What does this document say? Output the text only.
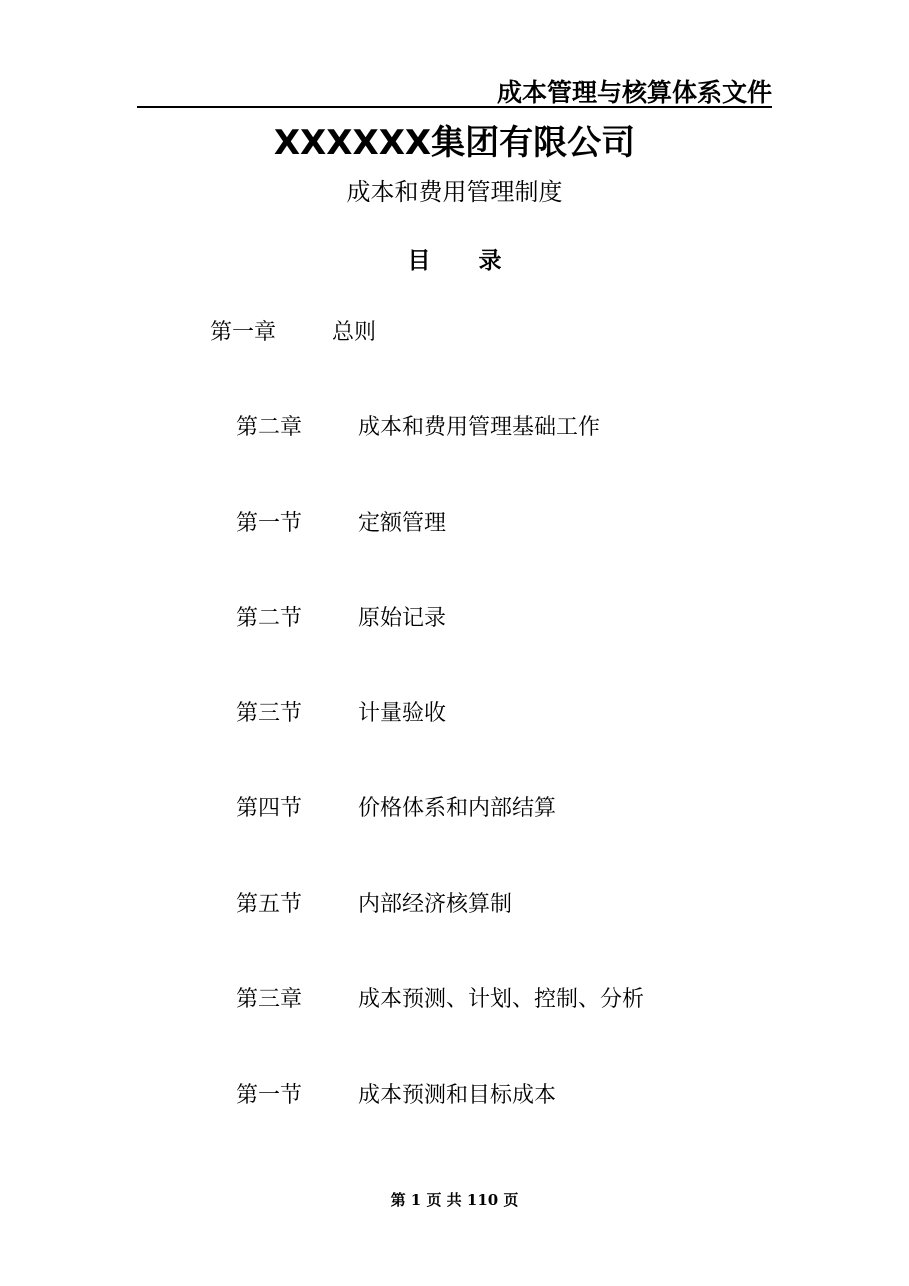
成本管理与核算体系文件
XXXXXX集团有限公司
成本和费用管理制度
目      录
第一章	总则
第二章	成本和费用管理基础工作
第一节	定额管理
第二节	原始记录
第三节	计量验收
第四节	价格体系和内部结算
第五节	内部经济核算制
第三章	成本预测、计划、控制、分析
第一节	成本预测和目标成本
第 1 页 共 110 页
